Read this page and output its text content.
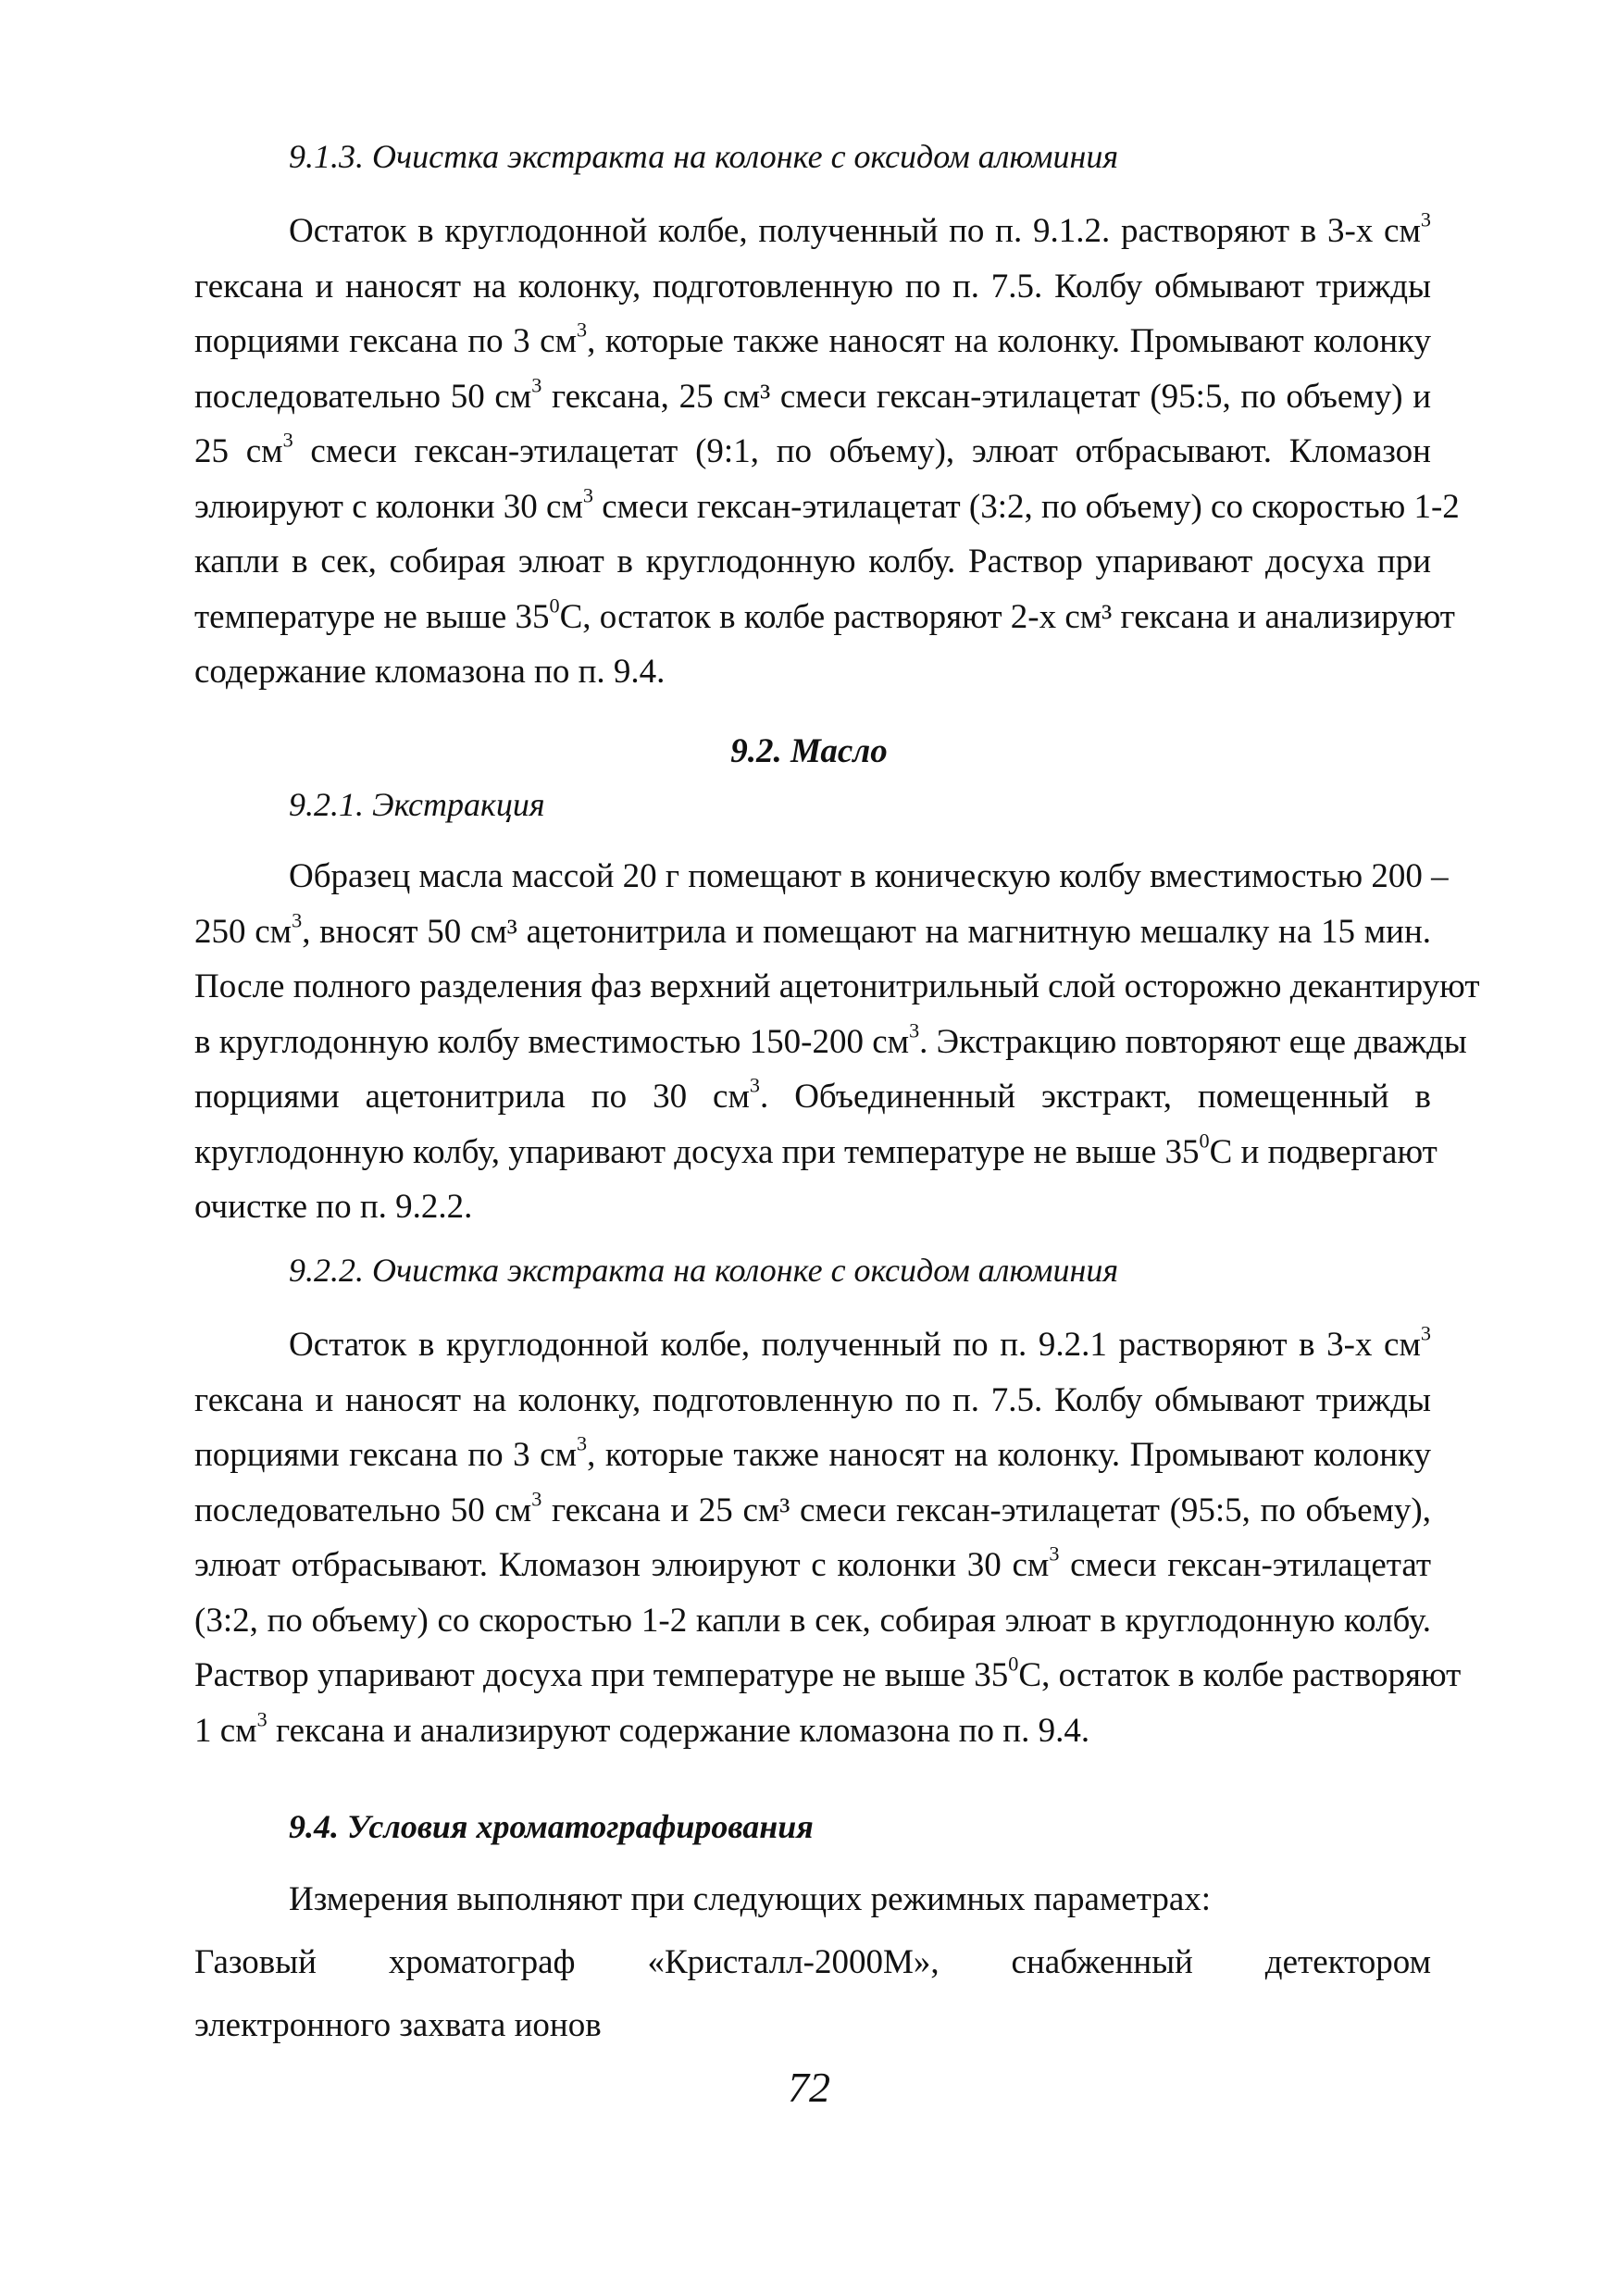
9.1.3. Очистка экстракта на колонке с оксидом алюминия
Остаток в круглодонной колбе, полученный по п. 9.1.2. растворяют в 3-х $см^3$
гексана и наносят на колонку, подготовленную по п. 7.5. Колбу обмывают трижды
порциями гексана по 3 $см^3$, которые также наносят на колонку. Промывают колонку
последовательно 50 $см^3$ гексана, 25 см³ смеси гексан-этилацетат (95:5, по объему) и
25 $см^3$ смеси гексан-этилацетат (9:1, по объему), элюат отбрасывают. Кломазон
элюируют с колонки 30 $см^3$ смеси гексан-этилацетат (3:2, по объему) со скоростью 1-2
капли в сек, собирая элюат в круглодонную колбу. Раствор упаривают досуха при
температуре не выше $35^0С$, остаток в колбе растворяют 2-х см³ гексана и анализируют
содержание кломазона по п. 9.4.
9.2. Масло
9.2.1. Экстракция
Образец масла массой 20 г помещают в коническую колбу вместимостью 200 –
250 $см^3$, вносят 50 см³ ацетонитрила и помещают на магнитную мешалку на 15 мин.
После полного разделения фаз верхний ацетонитрильный слой осторожно декантируют
в круглодонную колбу вместимостью 150-200 $см^3$. Экстракцию повторяют еще дважды
порциями ацетонитрила по 30 $см^3$. Объединенный экстракт, помещенный в
круглодонную колбу, упаривают досуха при температуре не выше $35^0С$ и подвергают
очистке по п. 9.2.2.
9.2.2. Очистка экстракта на колонке с оксидом алюминия
Остаток в круглодонной колбе, полученный по п. 9.2.1 растворяют в 3-х $см^3$
гексана и наносят на колонку, подготовленную по п. 7.5. Колбу обмывают трижды
порциями гексана по 3 $см^3$, которые также наносят на колонку. Промывают колонку
последовательно 50 $см^3$ гексана и 25 см³ смеси гексан-этилацетат (95:5, по объему),
элюат отбрасывают. Кломазон элюируют с колонки 30 $см^3$ смеси гексан-этилацетат
(3:2, по объему) со скоростью 1-2 капли в сек, собирая элюат в круглодонную колбу.
Раствор упаривают досуха при температуре не выше $35^0С$, остаток в колбе растворяют
1 $см^3$ гексана и анализируют содержание кломазона по п. 9.4.
9.4. Условия хроматографирования
Измерения выполняют при следующих режимных параметрах:
Газовый хроматограф «Кристалл-2000М», снабженный детектором
электронного захвата ионов
72
